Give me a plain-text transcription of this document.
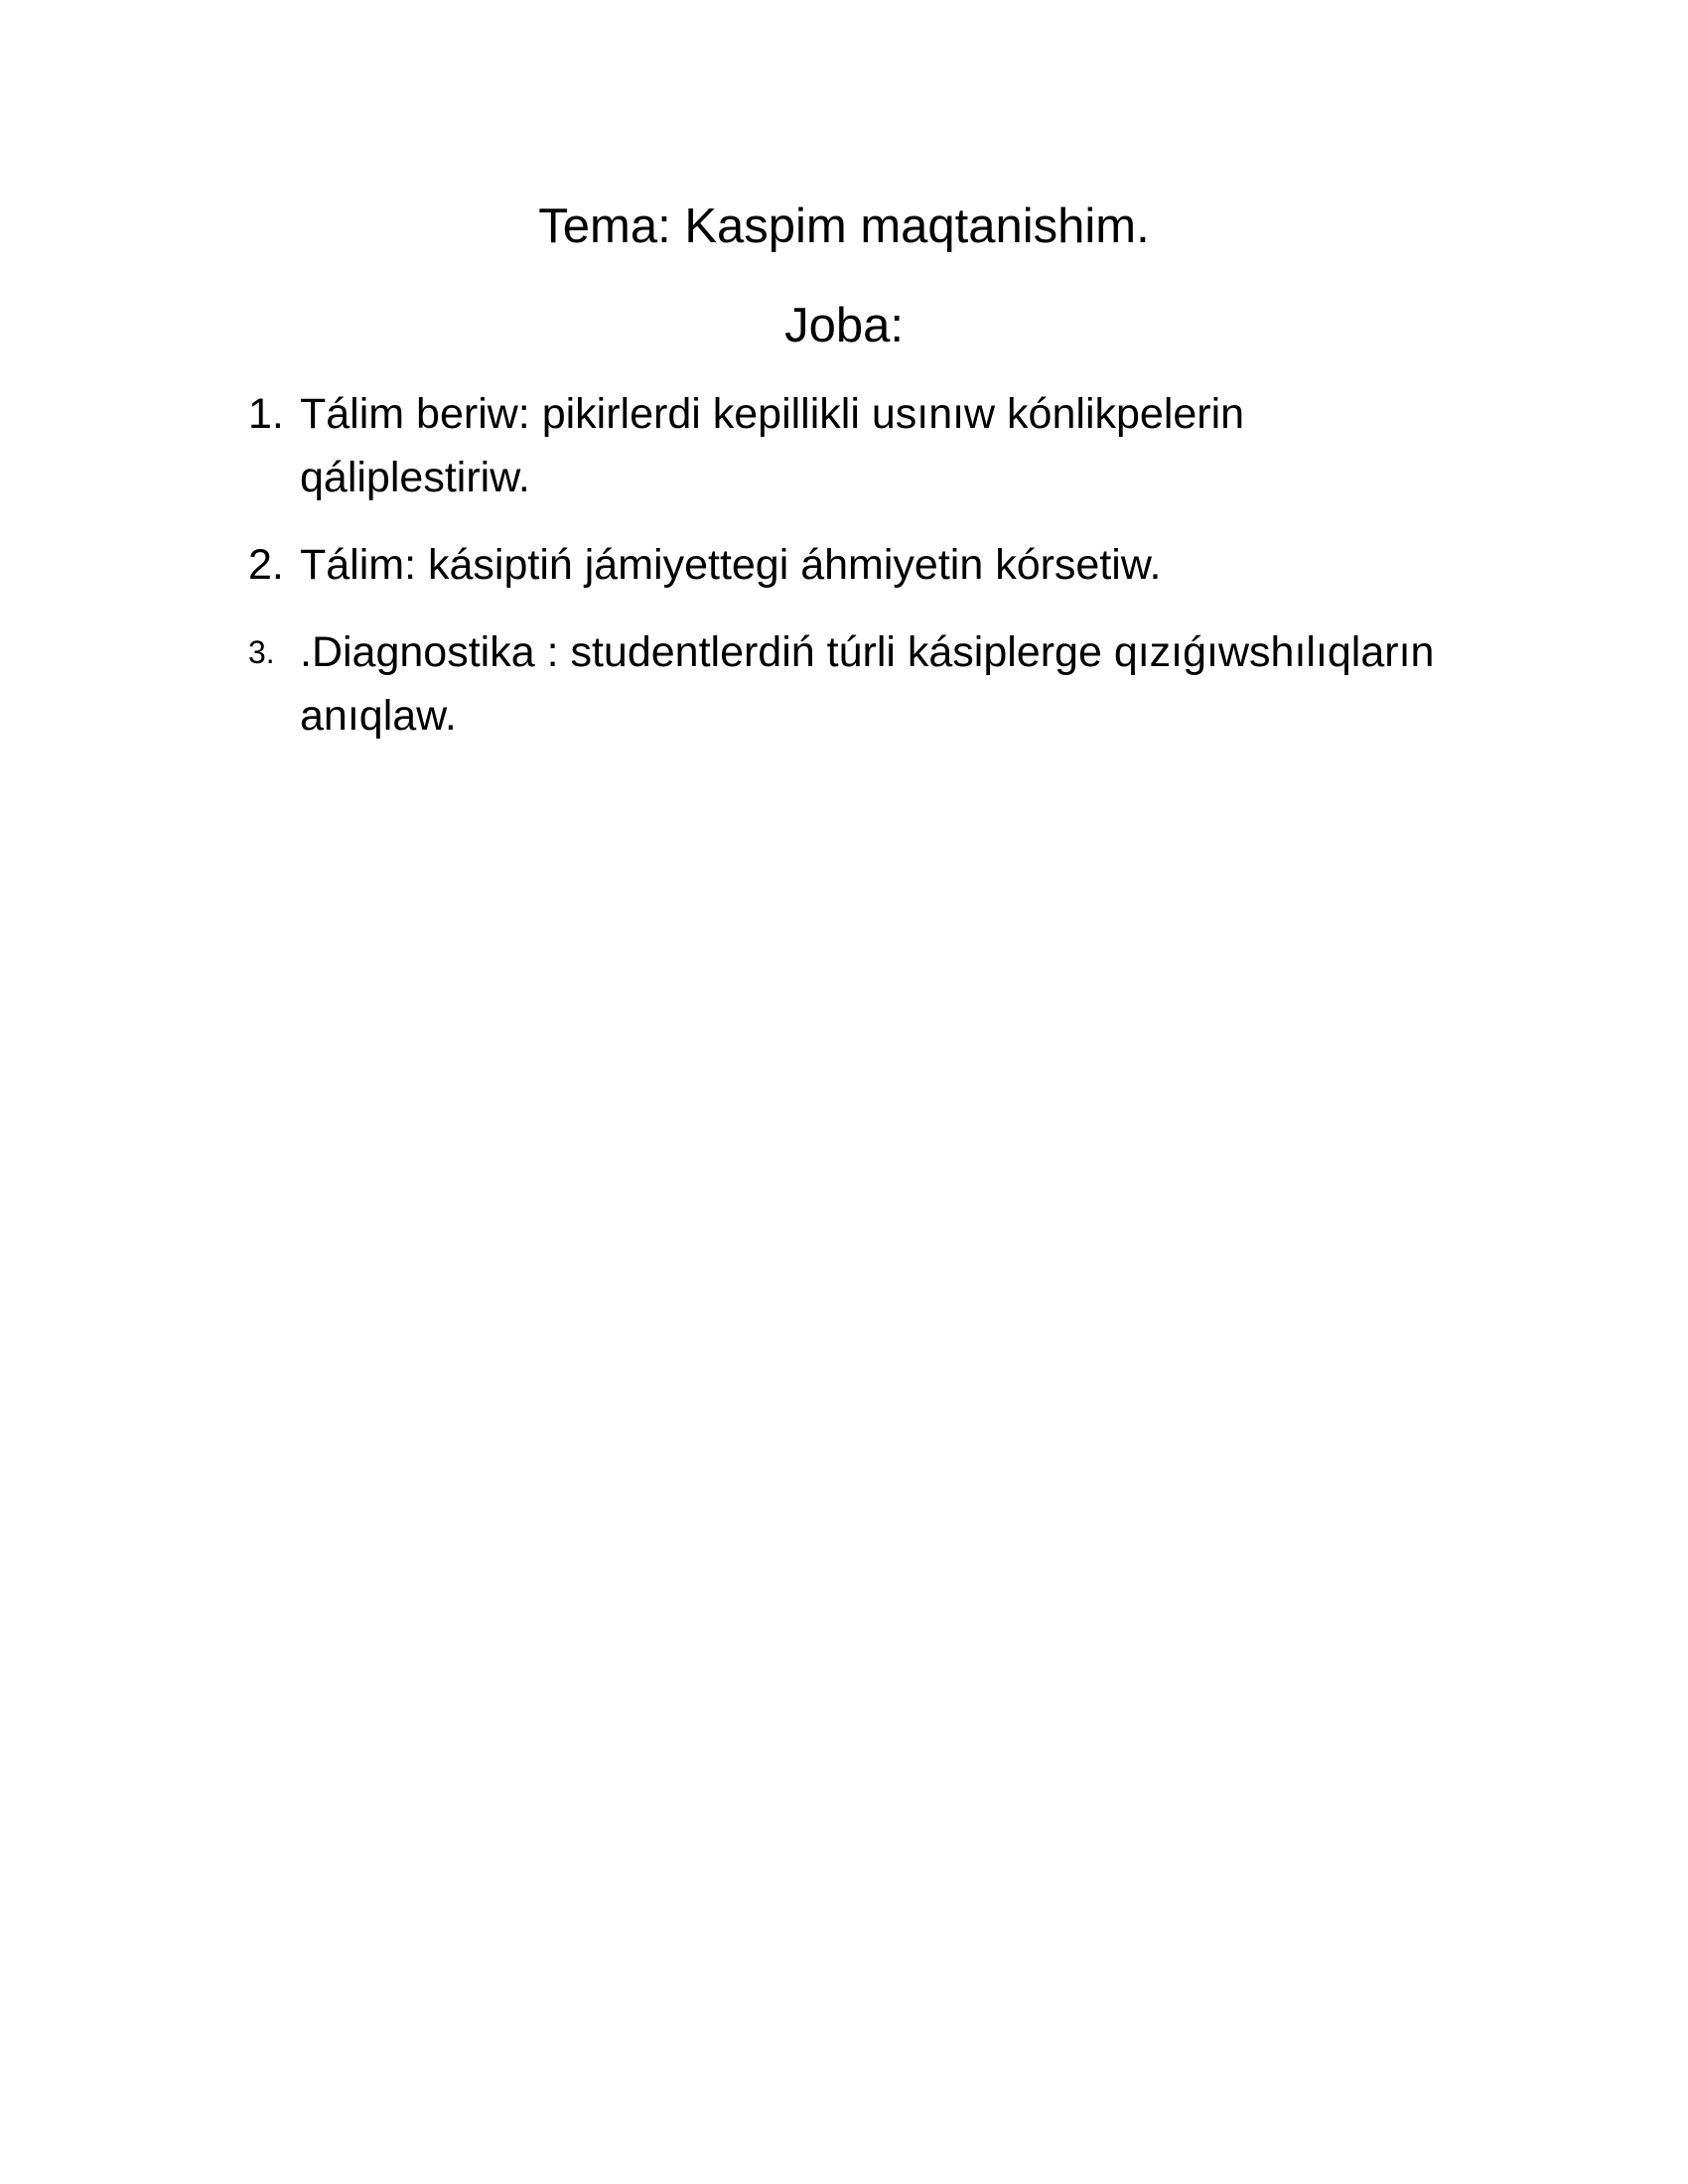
Tema: Kaspim maqtanishim.
Joba:
1. Tálim beriw: pikirlerdi kepillikli usınıw kónlikpelerin qáliplestiriw.
2. Tálim: kásiptiń jámiyettegi áhmiyetin kórsetiw.
3. .Diagnostika : studentlerdiń túrli kásiplerge qızıǵıwshılıqların anıqlaw.
